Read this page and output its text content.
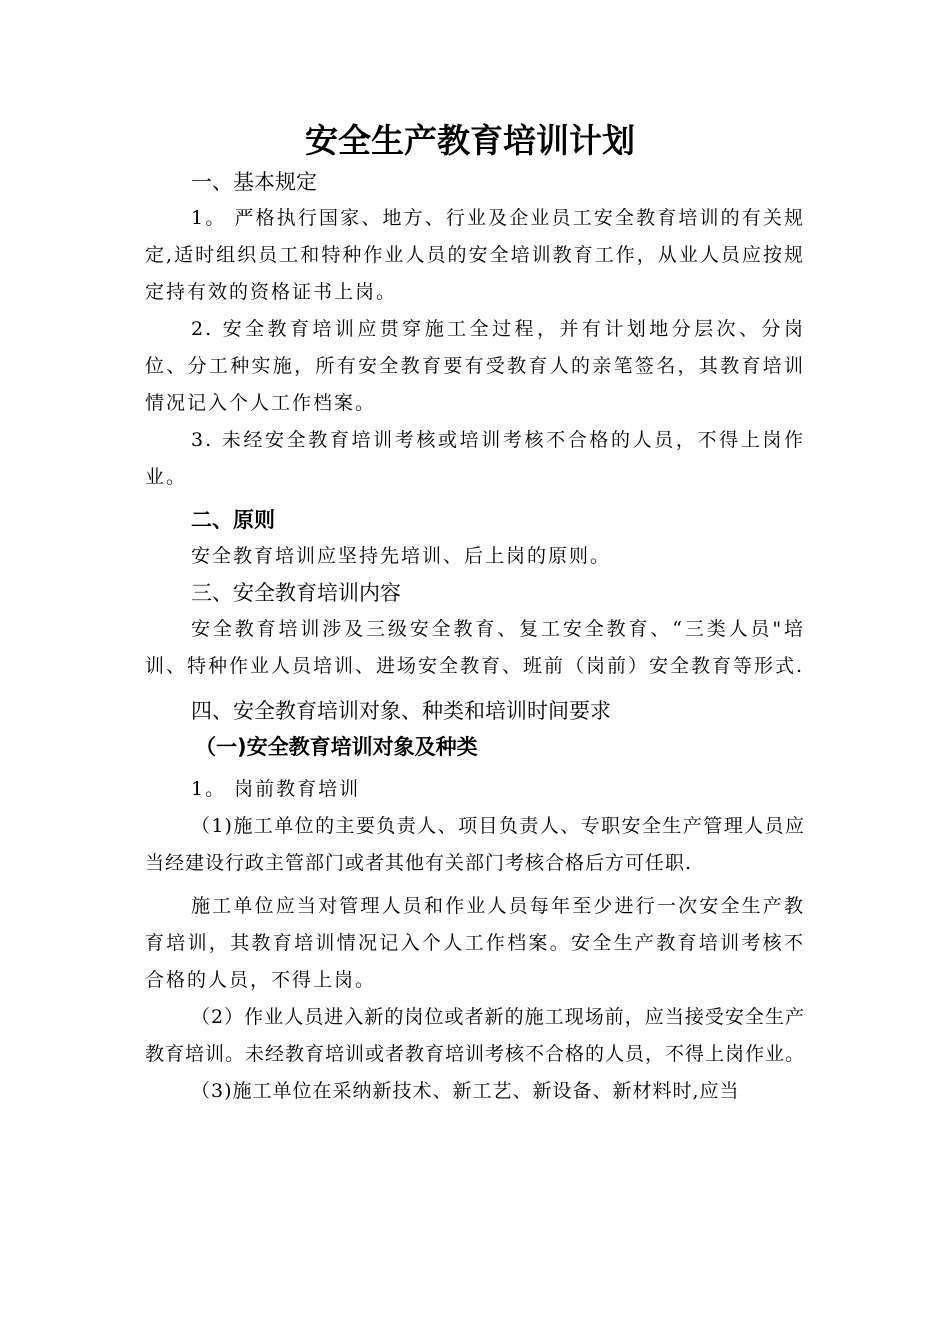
安全生产教育培训计划
一、基本规定
1。 严格执行国家、地方、行业及企业员工安全教育培训的有关规定,适时组织员工和特种作业人员的安全培训教育工作，从业人员应按规定持有效的资格证书上岗。
2. 安全教育培训应贯穿施工全过程，并有计划地分层次、分岗位、分工种实施，所有安全教育要有受教育人的亲笔签名，其教育培训情况记入个人工作档案。
3. 未经安全教育培训考核或培训考核不合格的人员，不得上岗作业。
二、原则
安全教育培训应坚持先培训、后上岗的原则。
三、安全教育培训内容
安全教育培训涉及三级安全教育、复工安全教育、“三类人员"培训、特种作业人员培训、进场安全教育、班前（岗前）安全教育等形式.
四、安全教育培训对象、种类和培训时间要求
（一)安全教育培训对象及种类
1。 岗前教育培训
（1)施工单位的主要负责人、项目负责人、专职安全生产管理人员应当经建设行政主管部门或者其他有关部门考核合格后方可任职.
施工单位应当对管理人员和作业人员每年至少进行一次安全生产教育培训，其教育培训情况记入个人工作档案。安全生产教育培训考核不合格的人员，不得上岗。
（2）作业人员进入新的岗位或者新的施工现场前，应当接受安全生产教育培训。未经教育培训或者教育培训考核不合格的人员，不得上岗作业。
（3)施工单位在采纳新技术、新工艺、新设备、新材料时,应当
